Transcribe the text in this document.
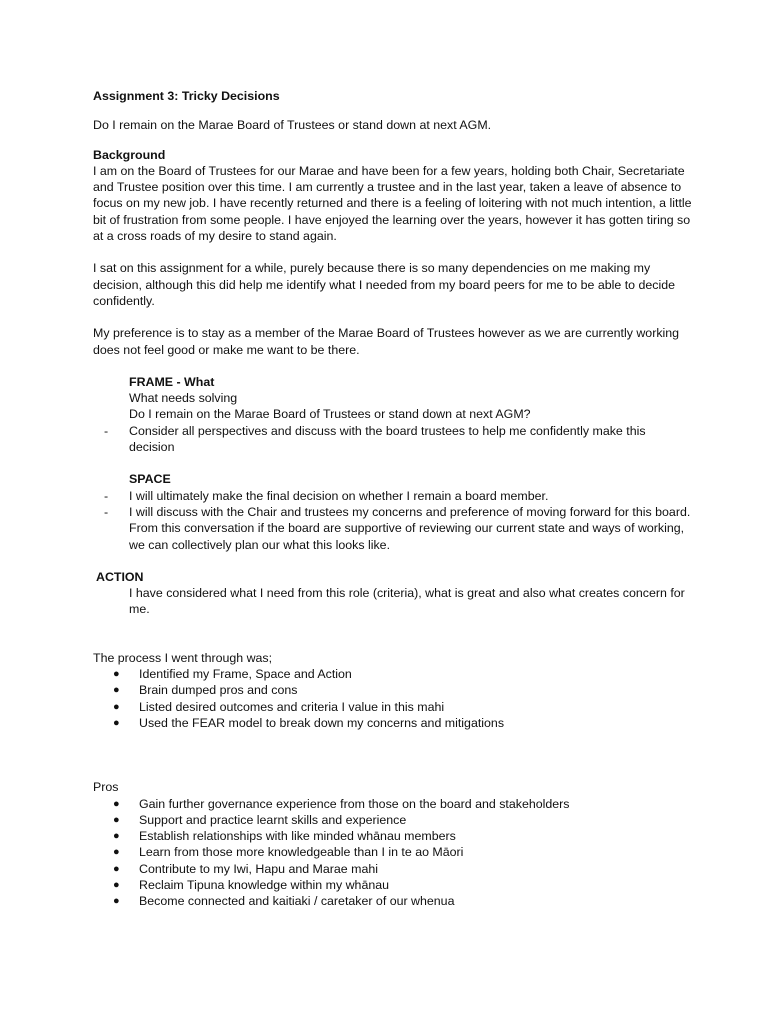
Assignment 3: Tricky Decisions

Do I remain on the Marae Board of Trustees or stand down at next AGM.

Background

I am on the Board of Trustees for our Marae and have been for a few years, holding both Chair, Secretariate and Trustee position over this time. I am currently a trustee and in the last year, taken a leave of absence to focus on my new job. I have recently returned and there is a feeling of loitering with not much intention, a little bit of frustration from some people. I have enjoyed the learning over the years, however it has gotten tiring so at a cross roads of my desire to stand again.

I sat on this assignment for a while, purely because there is so many dependencies on me making my decision, although this did help me identify what I needed from my board peers for me to be able to decide confidently.

My preference is to stay as a member of the Marae Board of Trustees however as we are currently working does not feel good or make me want to be there.

FRAME - What

What needs solving

Do I remain on the Marae Board of Trustees or stand down at next AGM?

- Consider all perspectives and discuss with the board trustees to help me confidently make this decision

SPACE

- I will ultimately make the final decision on whether I remain a board member.
- I will discuss with the Chair and trustees my concerns and preference of moving forward for this board. From this conversation if the board are supportive of reviewing our current state and ways of working, we can collectively plan our what this looks like.

ACTION

I have considered what I need from this role (criteria), what is great and also what creates concern for me.

The process I went through was;

● Identified my Frame, Space and Action
● Brain dumped pros and cons
● Listed desired outcomes and criteria I value in this mahi
● Used the FEAR model to break down my concerns and mitigations

Pros

● Gain further governance experience from those on the board and stakeholders
● Support and practice learnt skills and experience
● Establish relationships with like minded whānau members
● Learn from those more knowledgeable than I in te ao Māori
● Contribute to my Iwi, Hapu and Marae mahi
● Reclaim Tipuna knowledge within my whānau
● Become connected and kaitiaki / caretaker of our whenua
